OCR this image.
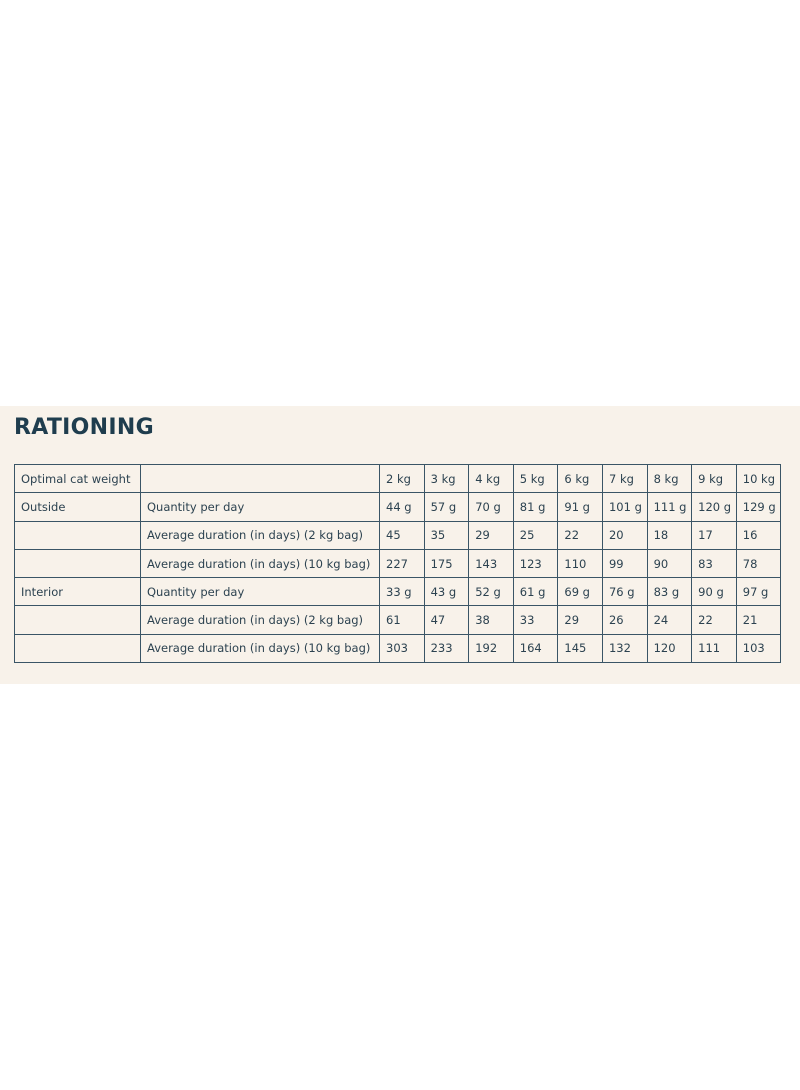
RATIONING
Optimal cat weight		2 kg	3 kg	4 kg	5 kg	6 kg	7 kg	8 kg	9 kg	10 kg
Outside	Quantity per day	44 g	57 g	70 g	81 g	91 g	101 g	111 g	120 g	129 g
	Average duration (in days) (2 kg bag)	45	35	29	25	22	20	18	17	16
	Average duration (in days) (10 kg bag)	227	175	143	123	110	99	90	83	78
Interior	Quantity per day	33 g	43 g	52 g	61 g	69 g	76 g	83 g	90 g	97 g
	Average duration (in days) (2 kg bag)	61	47	38	33	29	26	24	22	21
	Average duration (in days) (10 kg bag)	303	233	192	164	145	132	120	111	103
